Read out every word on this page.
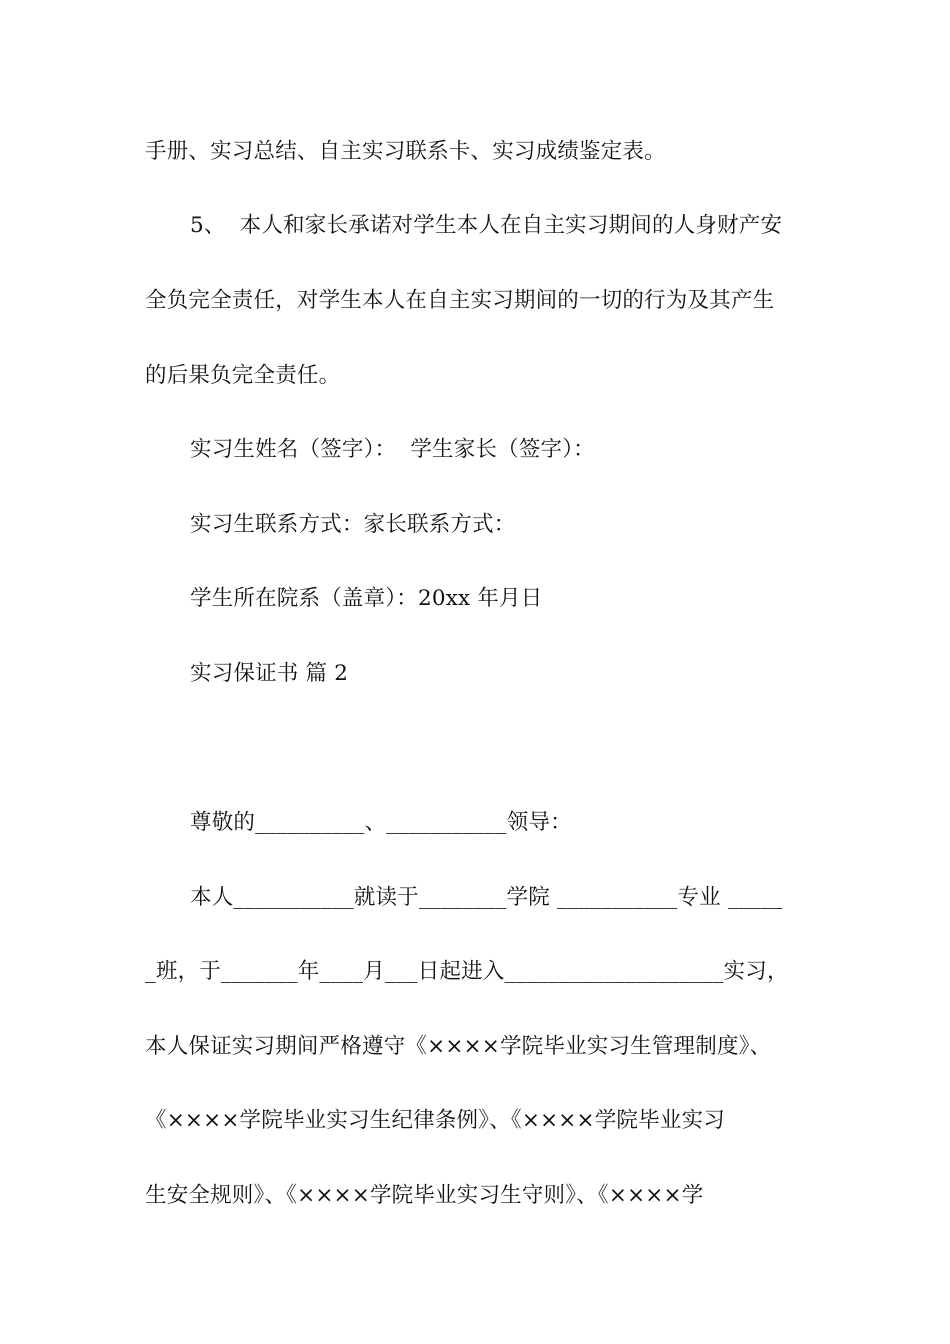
手册、实习总结、自主实习联系卡、实习成绩鉴定表。
5、  本人和家长承诺对学生本人在自主实习期间的人身财产安
全负完全责任，对学生本人在自主实习期间的一切的行为及其产生
的后果负完全责任。
实习生姓名（签字）：  学生家长（签字）：
实习生联系方式：家长联系方式：
学生所在院系（盖章）：20xx 年月日
实习保证书 篇 2
尊敬的__________、___________领导：
本人___________就读于________学院 ___________专业 _____
_班，于_______年____月___日起进入____________________实习，
本人保证实习期间严格遵守《××××学院毕业实习生管理制度》、
《××××学院毕业实习生纪律条例》、《××××学院毕业实习
生安全规则》、《××××学院毕业实习生守则》、《××××学
